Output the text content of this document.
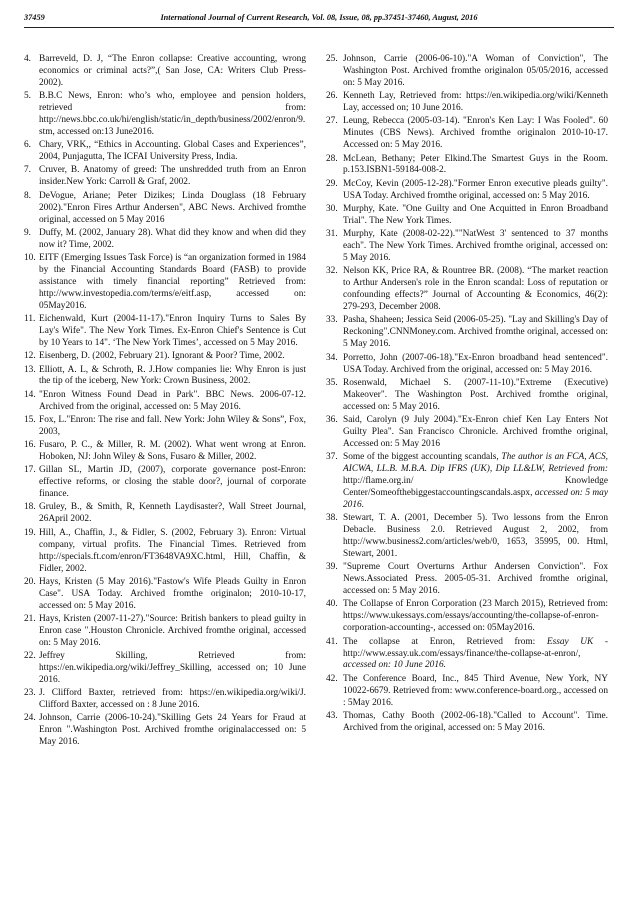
37459	International Journal of Current Research, Vol. 08, Issue, 08, pp.37451-37460, August, 2016
4. Barreveld, D. J, “The Enron collapse: Creative accounting, wrong economics or criminal acts?”,( San Jose, CA: Writers Club Press- 2002).
5. B.B.C News, Enron: who’s who, employee and pension holders, retrieved from: http://news.bbc.co.uk/hi/english/static/in_depth/business/2002/enron/9.stm, accessed on:13 June2016.
6. Chary, VRK,, “Ethics in Accounting. Global Cases and Experiences”, 2004, Punjagutta, The ICFAI University Press, India.
7. Cruver, B. Anatomy of greed: The unshredded truth from an Enron insider.New York: Carroll & Graf, 2002.
8. DeVogue, Ariane; Peter Dizikes; Linda Douglass (18 February 2002)."Enron Fires Arthur Andersen", ABC News. Archived fromthe original, accessed on 5 May 2016
9. Duffy, M. (2002, January 28). What did they know and when did they now it? Time, 2002.
10. EITF (Emerging Issues Task Force) is “an organization formed in 1984 by the Financial Accounting Standards Board (FASB) to provide assistance with timely financial reporting” Retrieved from: http://www.investopedia.com/terms/e/eitf.asp, accessed on: 05May2016.
11. Eichenwald, Kurt (2004-11-17)."Enron Inquiry Turns to Sales By Lay's Wife". The New York Times. Ex-Enron Chief's Sentence is Cut by 10 Years to 14". ‘The New York Times’, accessed on 5 May 2016.
12. Eisenberg, D. (2002, February 21). Ignorant & Poor? Time, 2002.
13. Elliott, A. L, & Schroth, R. J.How companies lie: Why Enron is just the tip of the iceberg, New York: Crown Business, 2002.
14. "Enron Witness Found Dead in Park". BBC News. 2006-07-12. Archived from the original, accessed on: 5 May 2016.
15. Fox, L."Enron: The rise and fall. New York: John Wiley & Sons”, Fox, 2003,
16. Fusaro, P. C., & Miller, R. M. (2002). What went wrong at Enron. Hoboken, NJ: John Wiley & Sons, Fusaro & Miller, 2002.
17. Gillan SL, Martin JD, (2007), corporate governance post-Enron: effective reforms, or closing the stable door?, journal of corporate finance.
18. Gruley, B., & Smith, R, Kenneth Laydisaster?, Wall Street Journal, 26April 2002.
19. Hill, A., Chaffin, J., & Fidler, S. (2002, February 3). Enron: Virtual company, virtual profits. The Financial Times. Retrieved from http://specials.ft.com/enron/FT3648VA9XC.html, Hill, Chaffin, & Fidler, 2002.
20. Hays, Kristen (5 May 2016)."Fastow's Wife Pleads Guilty in Enron Case". USA Today. Archived fromthe originalon; 2010-10-17, accessed on: 5 May 2016.
21. Hays, Kristen (2007-11-27)."Source: British bankers to plead guilty in Enron case ".Houston Chronicle. Archived fromthe original, accessed on: 5 May 2016.
22. Jeffrey Skilling, Retrieved from: https://en.wikipedia.org/wiki/Jeffrey_Skilling, accessed on; 10 June 2016.
23. J. Clifford Baxter, retrieved from: https://en.wikipedia.org/wiki/J. Clifford Baxter, accessed on : 8 June 2016.
24. Johnson, Carrie (2006-10-24)."Skilling Gets 24 Years for Fraud at Enron ".Washington Post. Archived fromthe originalaccessed on: 5 May 2016.
25. Johnson, Carrie (2006-06-10)."A Woman of Conviction", The Washington Post. Archived fromthe originalon 05/05/2016, accessed on: 5 May 2016.
26. Kenneth Lay, Retrieved from: https://en.wikipedia.org/wiki/Kenneth Lay, accessed on; 10 June 2016.
27. Leung, Rebecca (2005-03-14). "Enron's Ken Lay: I Was Fooled". 60 Minutes (CBS News). Archived fromthe originalon 2010-10-17. Accessed on: 5 May 2016.
28. McLean, Bethany; Peter Elkind.The Smartest Guys in the Room. p.153.ISBN1-59184-008-2.
29. McCoy, Kevin (2005-12-28)."Former Enron executive pleads guilty". USA Today. Archived fromthe original, accessed on: 5 May 2016.
30. Murphy, Kate. "One Guilty and One Acquitted in Enron Broadband Trial". The New York Times.
31. Murphy, Kate (2008-02-22).""NatWest 3' sentenced to 37 months each". The New York Times. Archived fromthe original, accessed on: 5 May 2016.
32. Nelson KK, Price RA, & Rountree BR. (2008). “The market reaction to Arthur Andersen's role in the Enron scandal: Loss of reputation or confounding effects?” Journal of Accounting & Economics, 46(2): 279-293, December 2008.
33. Pasha, Shaheen; Jessica Seid (2006-05-25). "Lay and Skilling's Day of Reckoning".CNNMoney.com. Archived fromthe original, accessed on: 5 May 2016.
34. Porretto, John (2007-06-18)."Ex-Enron broadband head sentenced". USA Today. Archived from the original, accessed on: 5 May 2016.
35. Rosenwald, Michael S. (2007-11-10)."Extreme (Executive) Makeover". The Washington Post. Archived fromthe original, accessed on: 5 May 2016.
36. Said, Carolyn (9 July 2004)."Ex-Enron chief Ken Lay Enters Not Guilty Plea". San Francisco Chronicle. Archived fromthe original, Accessed on: 5 May 2016
37. Some of the biggest accounting scandals, The author is an FCA, ACS, AICWA, LL.B. M.B.A. Dip IFRS (UK), Dip LL&LW, Retrieved from: http://flame.org.in/ Knowledge Center/Someofthebiggestaccountingscandals.aspx, accessed on: 5 may 2016.
38. Stewart, T. A. (2001, December 5). Two lessons from the Enron Debacle. Business 2.0. Retrieved August 2, 2002, from http://www.business2.com/articles/web/0, 1653, 35995, 00. Html, Stewart, 2001.
39. "Supreme Court Overturns Arthur Andersen Conviction". Fox News.Associated Press. 2005-05-31. Archived fromthe original, accessed on: 5 May 2016.
40. The Collapse of Enron Corporation (23 March 2015), Retrieved from: https://www.ukessays.com/essays/accounting/the-collapse-of-enron-corporation-accounting-, accessed on: 05May2016.
41. The collapse at Enron, Retrieved from: Essay UK - http://www.essay.uk.com/essays/finance/the-collapse-at-enron/, accessed on: 10 June 2016.
42. The Conference Board, Inc., 845 Third Avenue, New York, NY 10022-6679. Retrieved from: www.conference-board.org., accessed on : 5May 2016.
43. Thomas, Cathy Booth (2002-06-18)."Called to Account". Time. Archived from the original, accessed on: 5 May 2016.
